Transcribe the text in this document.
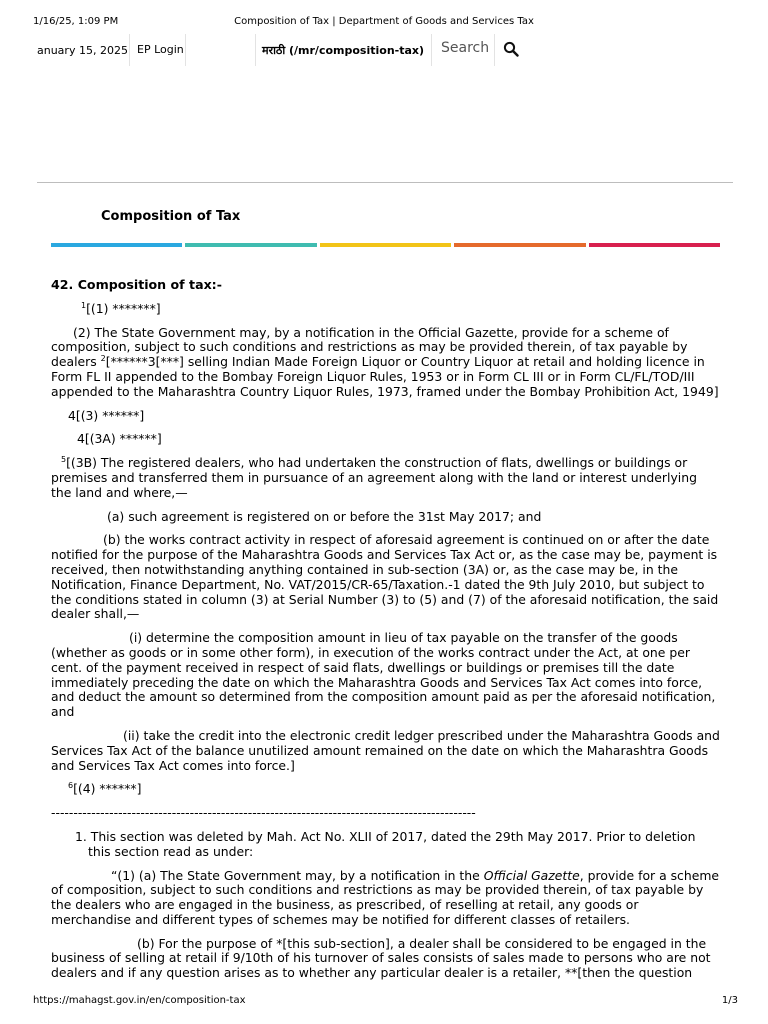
1/16/25, 1:09 PM	Composition of Tax | Department of Goods and Services Tax
anuary 15, 2025 EP Login	मराठी (/mr/composition-tax) Search
Composition of Tax

42. Composition of tax:-

$^1$[(1) *******]

(2) The State Government may, by a notification in the Official Gazette, provide for a scheme of composition, subject to such conditions and restrictions as may be provided therein, of tax payable by dealers $^2$[******3[***] selling Indian Made Foreign Liquor or Country Liquor at retail and holding licence in Form FL II appended to the Bombay Foreign Liquor Rules, 1953 or in Form CL III or in Form CL/FL/TOD/III appended to the Maharashtra Country Liquor Rules, 1973, framed under the Bombay Prohibition Act, 1949]

4[(3) ******]

4[(3A) ******]

$^5$[(3B) The registered dealers, who had undertaken the construction of flats, dwellings or buildings or premises and transferred them in pursuance of an agreement along with the land or interest underlying the land and where,—

(a) such agreement is registered on or before the 31st May 2017; and

(b) the works contract activity in respect of aforesaid agreement is continued on or after the date notified for the purpose of the Maharashtra Goods and Services Tax Act or, as the case may be, payment is received, then notwithstanding anything contained in sub-section (3A) or, as the case may be, in the Notification, Finance Department, No. VAT/2015/CR-65/Taxation.-1 dated the 9th July 2010, but subject to the conditions stated in column (3) at Serial Number (3) to (5) and (7) of the aforesaid notification, the said dealer shall,—

(i) determine the composition amount in lieu of tax payable on the transfer of the goods (whether as goods or in some other form), in execution of the works contract under the Act, at one per cent. of the payment received in respect of said flats, dwellings or buildings or premises till the date immediately preceding the date on which the Maharashtra Goods and Services Tax Act comes into force, and deduct the amount so determined from the composition amount paid as per the aforesaid notification, and

(ii) take the credit into the electronic credit ledger prescribed under the Maharashtra Goods and Services Tax Act of the balance unutilized amount remained on the date on which the Maharashtra Goods and Services Tax Act comes into force.]

$^6$[(4) ******]

-----------------------------------------------------------------------------------------------

1. This section was deleted by Mah. Act No. XLII of 2017, dated the 29th May 2017. Prior to deletion this section read as under:

“(1) (a) The State Government may, by a notification in the Official Gazette, provide for a scheme of composition, subject to such conditions and restrictions as may be provided therein, of tax payable by the dealers who are engaged in the business, as prescribed, of reselling at retail, any goods or merchandise and different types of schemes may be notified for different classes of retailers.

(b) For the purpose of *[this sub-section], a dealer shall be considered to be engaged in the business of selling at retail if 9/10th of his turnover of sales consists of sales made to persons who are not dealers and if any question arises as to whether any particular dealer is a retailer, **[then the question

https://mahagst.gov.in/en/composition-tax	1/3
